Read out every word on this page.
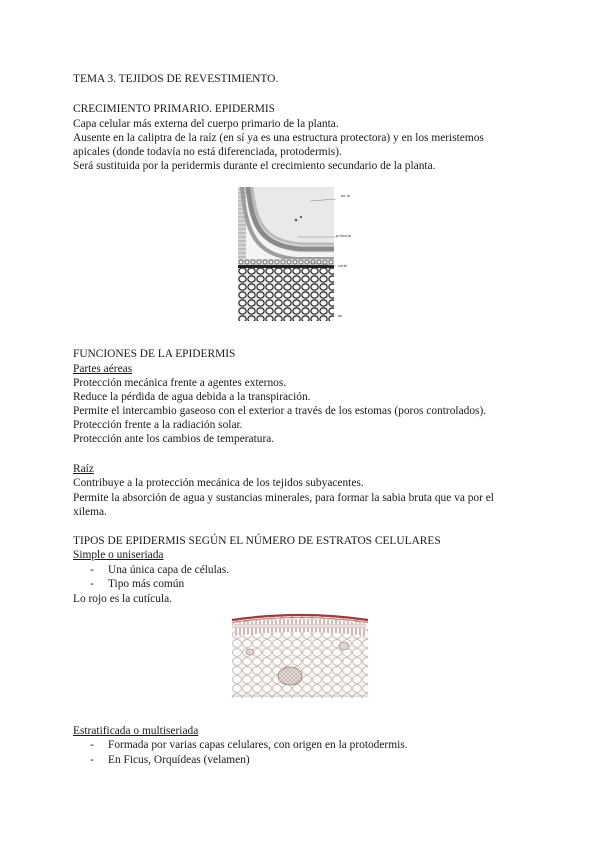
TEMA 3. TEJIDOS DE REVESTIMIENTO.
CRECIMIENTO PRIMARIO. EPIDERMIS
Capa celular más externa del cuerpo primario de la planta.
Ausente en la caliptra de la raíz (en sí ya es una estructura protectora) y en los meristemos
apicales (donde todavía no está diferenciada, protodermis).
Será sustituida por la peridermis durante el crecimiento secundario de la planta.
de la
primaria
corte
ep
FUNCIONES DE LA EPIDERMIS
Partes aéreas
Protección mecánica frente a agentes externos.
Reduce la pérdida de agua debida a la transpiración.
Permite el intercambio gaseoso con el exterior a través de los estomas (poros controlados).
Protección frente a la radiación solar.
Protección ante los cambios de temperatura.
Raíz
Contribuye a la protección mecánica de los tejidos subyacentes.
Permite la absorción de agua y sustancias minerales, para formar la sabia bruta que va por el
xilema.
TIPOS DE EPIDERMIS SEGÚN EL NÚMERO DE ESTRATOS CELULARES
Simple o uniseriada
- Una única capa de células.
- Tipo más común
Lo rojo es la cutícula.
Estratificada o multiseriada
- Formada por varias capas celulares, con origen en la protodermis.
- En Ficus, Orquídeas (velamen)
